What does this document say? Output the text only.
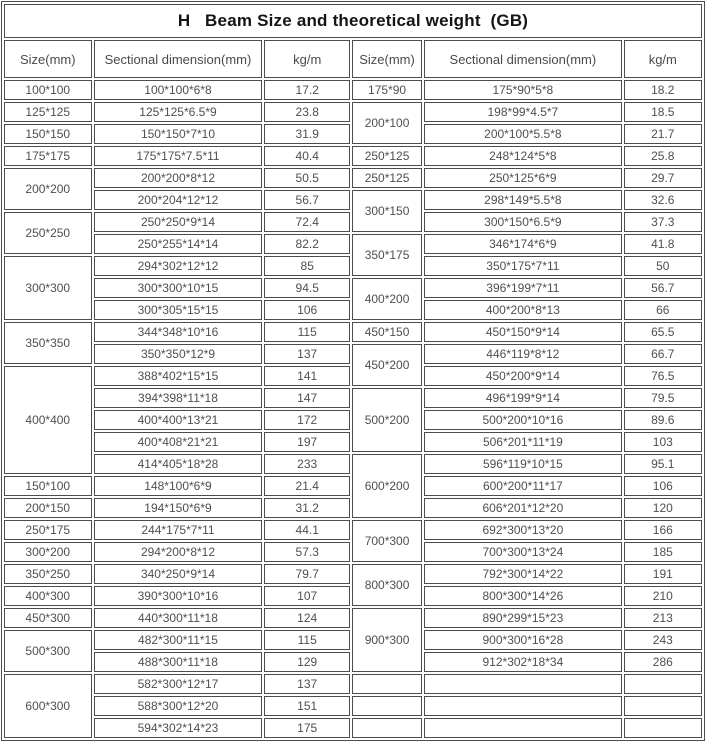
H   Beam Size and theoretical weight  (GB)					
Size(mm)	Sectional dimension(mm)	kg/m	Size(mm)	Sectional dimension(mm)	kg/m
100*100	100*100*6*8	17.2	175*90	175*90*5*8	18.2
125*125	125*125*6.5*9	23.8	200*100	198*99*4.5*7	18.5
150*150	150*150*7*10	31.9		200*100*5.5*8	21.7
175*175	175*175*7.5*11	40.4	250*125	248*124*5*8	25.8
200*200	200*200*8*12	50.5	250*125	250*125*6*9	29.7
	200*204*12*12	56.7	300*150	298*149*5.5*8	32.6
250*250	250*250*9*14	72.4		300*150*6.5*9	37.3
	250*255*14*14	82.2	350*175	346*174*6*9	41.8
300*300	294*302*12*12	85		350*175*7*11	50
	300*300*10*15	94.5	400*200	396*199*7*11	56.7
	300*305*15*15	106		400*200*8*13	66
350*350	344*348*10*16	115	450*150	450*150*9*14	65.5
	350*350*12*9	137	450*200	446*119*8*12	66.7
400*400	388*402*15*15	141		450*200*9*14	76.5
	394*398*11*18	147	500*200	496*199*9*14	79.5
	400*400*13*21	172		500*200*10*16	89.6
	400*408*21*21	197		506*201*11*19	103
	414*405*18*28	233	600*200	596*119*10*15	95.1
150*100	148*100*6*9	21.4		600*200*11*17	106
200*150	194*150*6*9	31.2		606*201*12*20	120
250*175	244*175*7*11	44.1	700*300	692*300*13*20	166
300*200	294*200*8*12	57.3		700*300*13*24	185
350*250	340*250*9*14	79.7	800*300	792*300*14*22	191
400*300	390*300*10*16	107		800*300*14*26	210
450*300	440*300*11*18	124	900*300	890*299*15*23	213
500*300	482*300*11*15	115		900*300*16*28	243
	488*300*11*18	129		912*302*18*34	286
600*300	582*300*12*17	137			
	588*300*12*20	151			
	594*302*14*23	175			
